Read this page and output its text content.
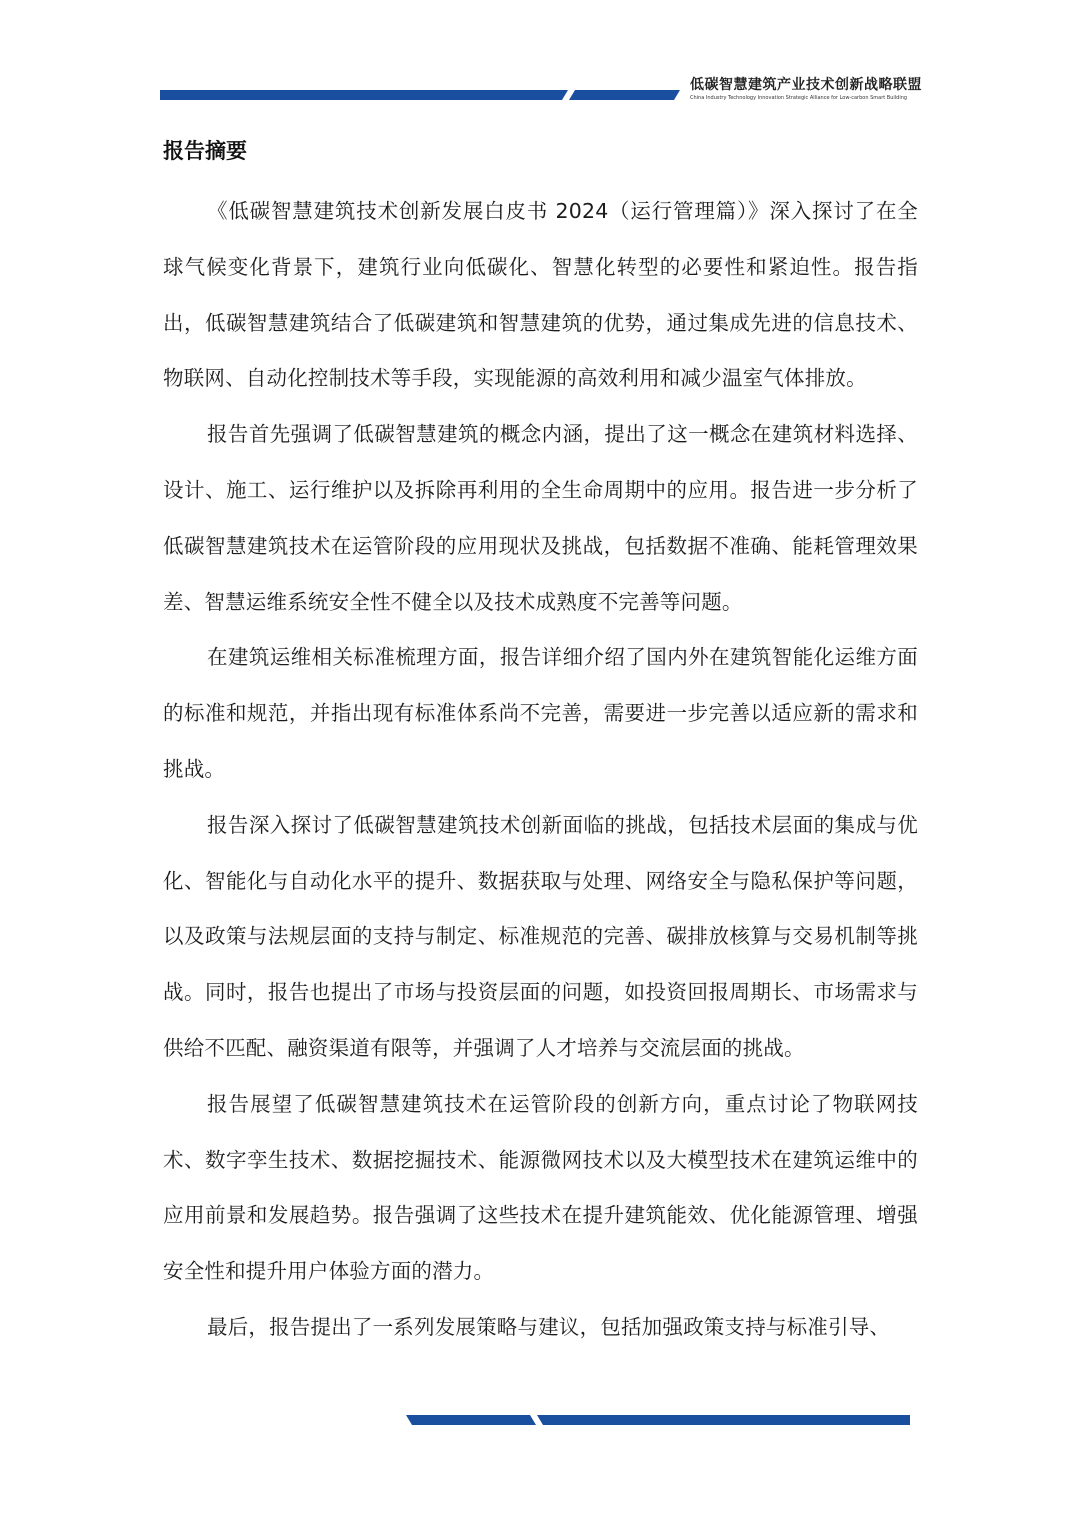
低碳智慧建筑产业技术创新战略联盟
China Industry Technology Innovation Strategic Alliance for Low-carbon Smart Building
报告摘要

《低碳智慧建筑技术创新发展白皮书 2024（运行管理篇）》深入探讨了在全球气候变化背景下，建筑行业向低碳化、智慧化转型的必要性和紧迫性。报告指出，低碳智慧建筑结合了低碳建筑和智慧建筑的优势，通过集成先进的信息技术、物联网、自动化控制技术等手段，实现能源的高效利用和减少温室气体排放。

报告首先强调了低碳智慧建筑的概念内涵，提出了这一概念在建筑材料选择、设计、施工、运行维护以及拆除再利用的全生命周期中的应用。报告进一步分析了低碳智慧建筑技术在运管阶段的应用现状及挑战，包括数据不准确、能耗管理效果差、智慧运维系统安全性不健全以及技术成熟度不完善等问题。

在建筑运维相关标准梳理方面，报告详细介绍了国内外在建筑智能化运维方面的标准和规范，并指出现有标准体系尚不完善，需要进一步完善以适应新的需求和挑战。

报告深入探讨了低碳智慧建筑技术创新面临的挑战，包括技术层面的集成与优化、智能化与自动化水平的提升、数据获取与处理、网络安全与隐私保护等问题，以及政策与法规层面的支持与制定、标准规范的完善、碳排放核算与交易机制等挑战。同时，报告也提出了市场与投资层面的问题，如投资回报周期长、市场需求与供给不匹配、融资渠道有限等，并强调了人才培养与交流层面的挑战。

报告展望了低碳智慧建筑技术在运管阶段的创新方向，重点讨论了物联网技术、数字孪生技术、数据挖掘技术、能源微网技术以及大模型技术在建筑运维中的应用前景和发展趋势。报告强调了这些技术在提升建筑能效、优化能源管理、增强安全性和提升用户体验方面的潜力。

最后，报告提出了一系列发展策略与建议，包括加强政策支持与标准引导、
